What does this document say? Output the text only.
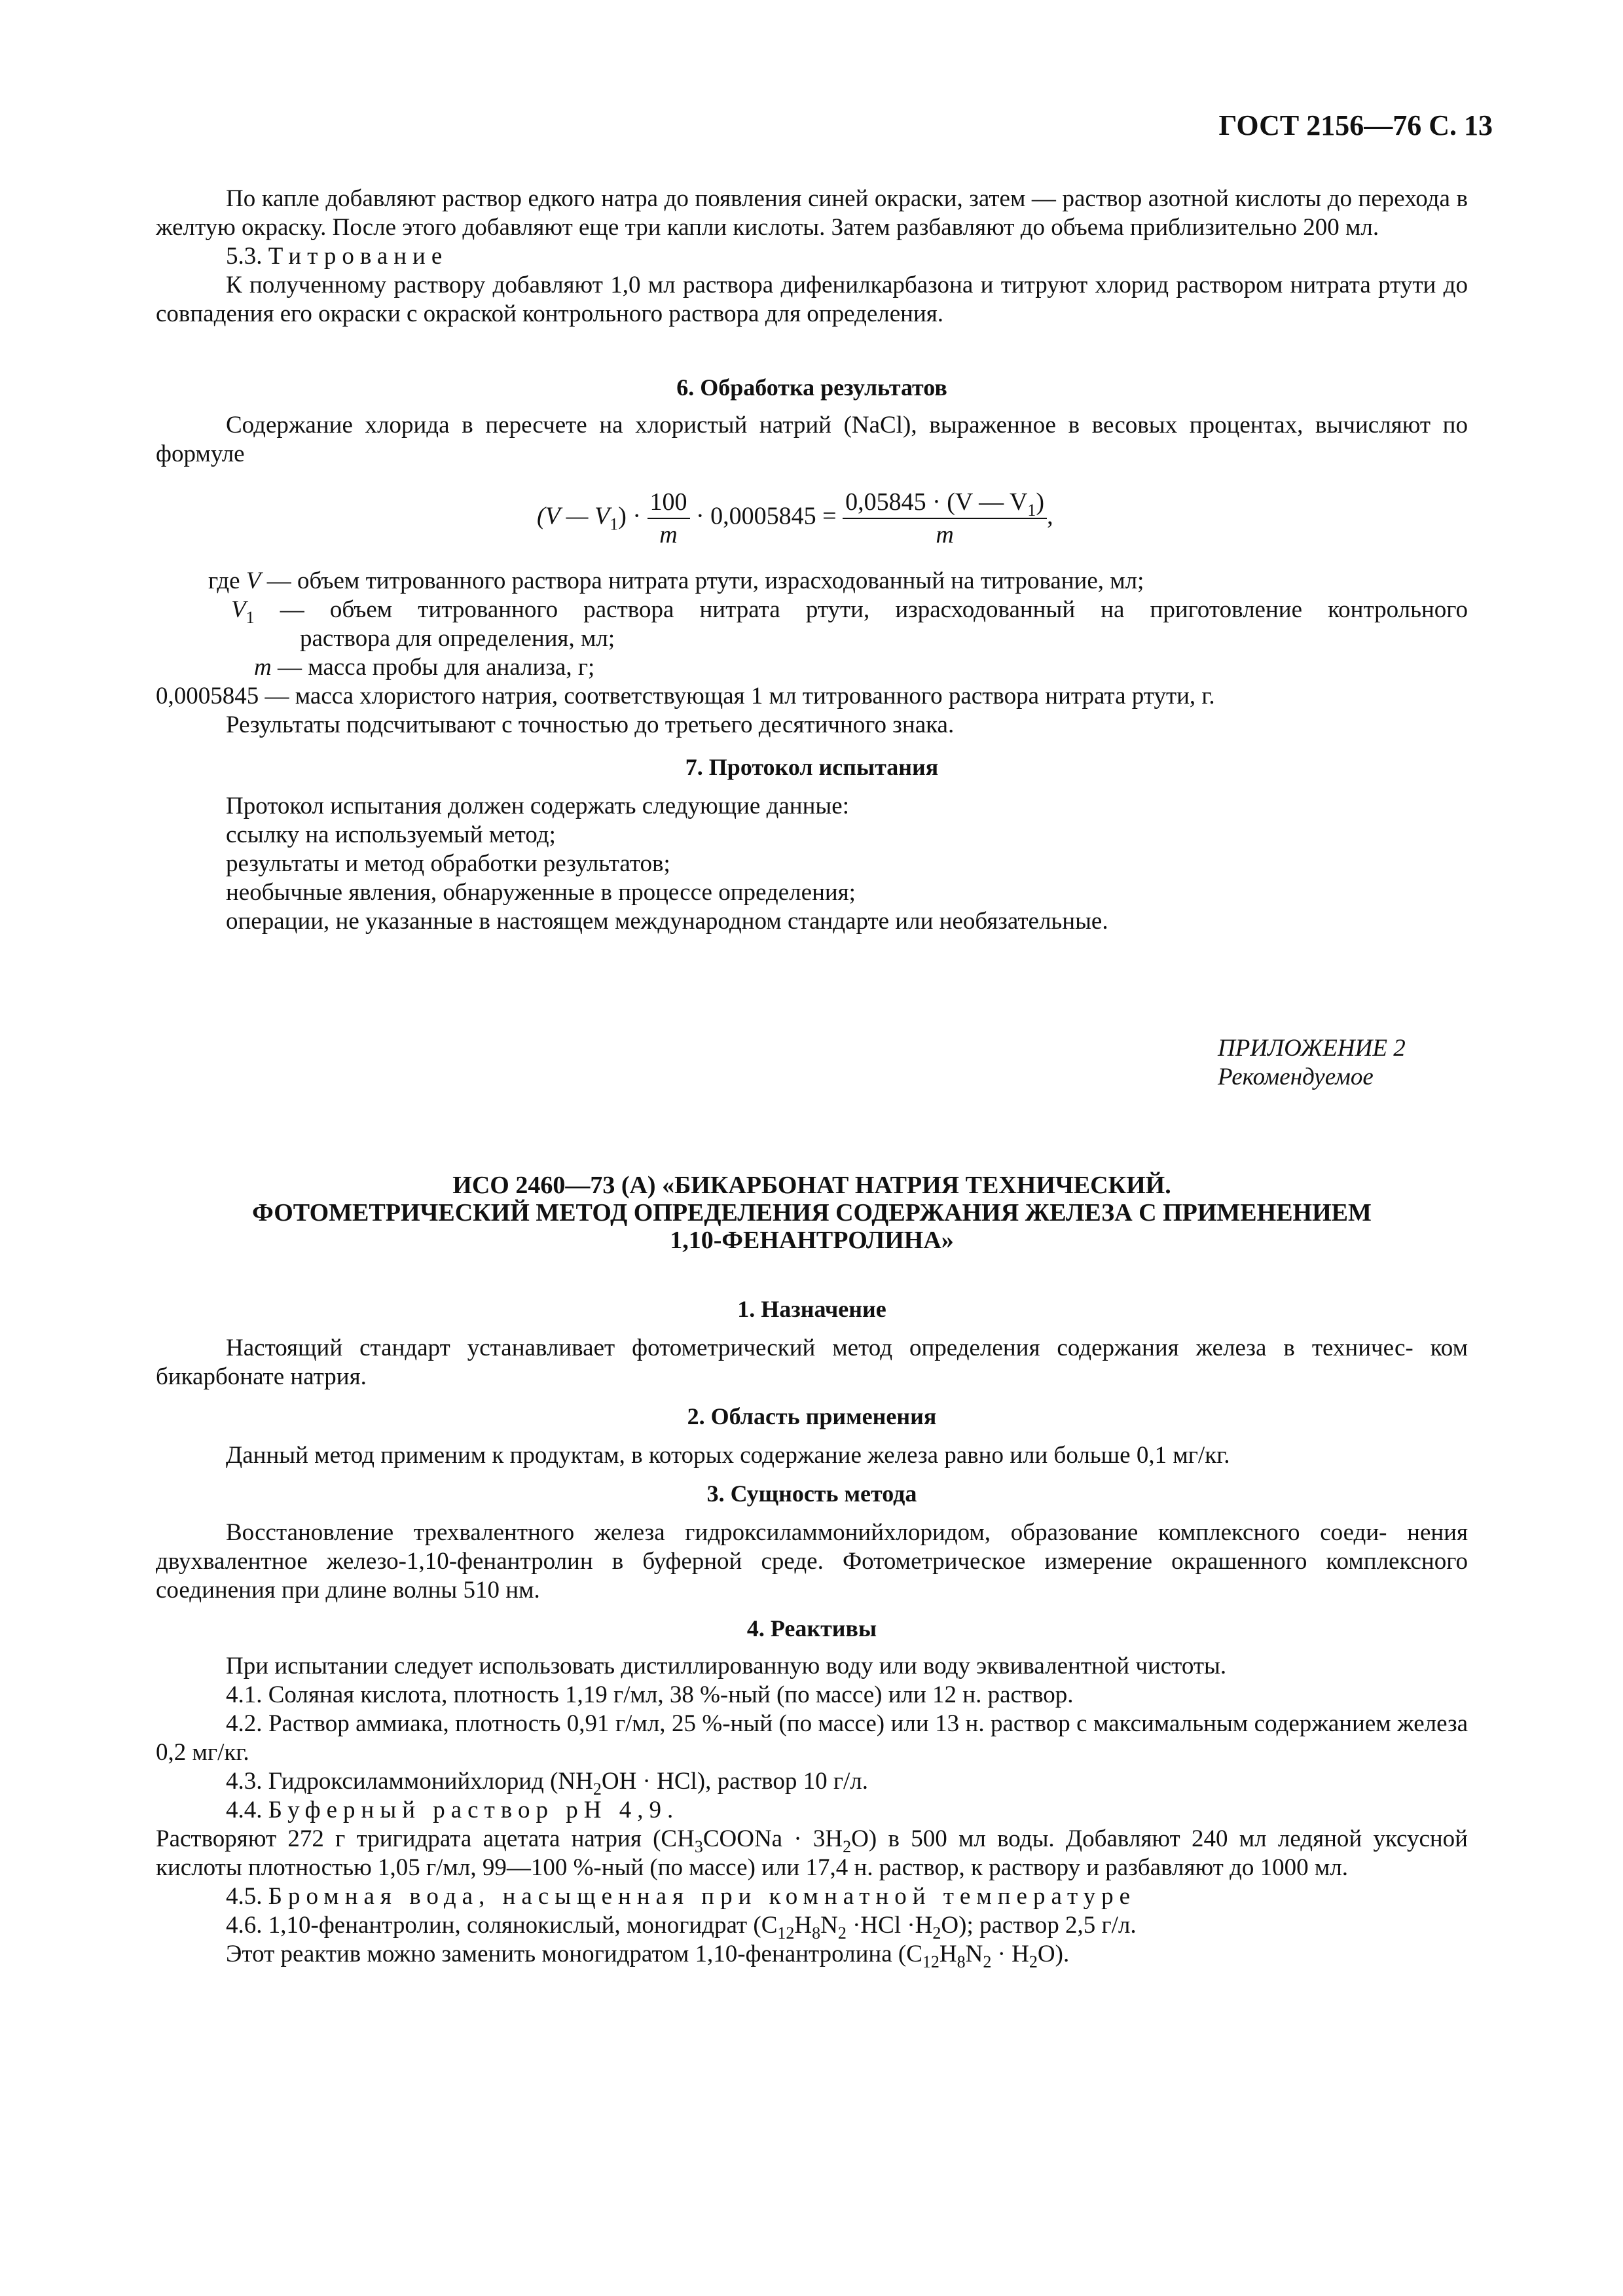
ГОСТ 2156—76 С. 13

По капле добавляют раствор едкого натра до появления синей окраски, затем — раствор азотной кислоты до перехода в желтую окраску. После этого добавляют еще три капли кислоты. Затем разбавляют до объема приблизительно 200 мл.

5.3. Титрование

К полученному раствору добавляют 1,0 мл раствора дифенилкарбазона и титруют хлорид раствором нитрата ртути до совпадения его окраски с окраской контрольного раствора для определения.

6. Обработка результатов

Содержание хлорида в пересчете на хлористый натрий (NaCl), выраженное в весовых процентах, вычисляют по формуле

(V — $V_1) \cdot \frac{100}{m} \cdot 0,0005845 = \frac{0,05845 \cdot (V — V_1)}{m}$ ,

где V — объем титрованного раствора нитрата ртути, израсходованный на титрование, мл;

$V_1$ — объем титрованного раствора нитрата ртути, израсходованный на приготовление контрольного

раствора для определения, мл;

m — масса пробы для анализа, г;

0,0005845 — масса хлористого натрия, соответствующая 1 мл титрованного раствора нитрата ртути, г.

Результаты подсчитывают с точностью до третьего десятичного знака.

7. Протокол испытания

Протокол испытания должен содержать следующие данные:

ссылку на используемый метод;

результаты и метод обработки результатов;

необычные явления, обнаруженные в процессе определения;

операции, не указанные в настоящем международном стандарте или необязательные.

ПРИЛОЖЕНИЕ 2
Рекомендуемое
ИСО 2460—73 (А) «БИКАРБОНАТ НАТРИЯ ТЕХНИЧЕСКИЙ.
ФОТОМЕТРИЧЕСКИЙ МЕТОД ОПРЕДЕЛЕНИЯ СОДЕРЖАНИЯ ЖЕЛЕЗА С ПРИМЕНЕНИЕМ
1,10-ФЕНАНТРОЛИНА»

1. Назначение

Настоящий стандарт устанавливает фотометрический метод определения содержания железа в техничес- ком бикарбонате натрия.

2. Область применения

Данный метод применим к продуктам, в которых содержание железа равно или больше 0,1 мг/кг.

3. Сущность метода

Восстановление трехвалентного железа гидроксиламмонийхлоридом, образование комплексного соеди- нения двухвалентное железо-1,10-фенантролин в буферной среде. Фотометрическое измерение окрашенного комплексного соединения при длине волны 510 нм.

4. Реактивы

При испытании следует использовать дистиллированную воду или воду эквивалентной чистоты.

4.1. Соляная кислота, плотность 1,19 г/мл, 38 %-ный (по массе) или 12 н. раствор.

4.2. Раствор аммиака, плотность 0,91 г/мл, 25 %-ный (по массе) или 13 н. раствор с максимальным содержанием железа 0,2 мг/кг.

4.3. Гидроксиламмонийхлорид $(NH_2OH \cdot HCl)$, раствор 10 г/л.

4.4. Буферный раствор рН 4,9.

Растворяют 272 г тригидрата ацетата натрия $(CH_3COONa \cdot 3H_2O)$ в 500 мл воды. Добавляют 240 мл ледяной уксусной кислоты плотностью 1,05 г/мл, 99—100 %-ный (по массе) или 17,4 н. раствор, к раствору и разбавляют до 1000 мл.

4.5. Бромная вода, насыщенная при комнатной температуре

4.6. 1,10-фенантролин, солянокислый, моногидрат $(C_{12}H_8N_2 \cdot HCl \cdot H_2O)$; раствор 2,5 г/л.

Этот реактив можно заменить моногидратом 1,10-фенантролина $(C_{12}H_8N_2 \cdot H_2O)$.
